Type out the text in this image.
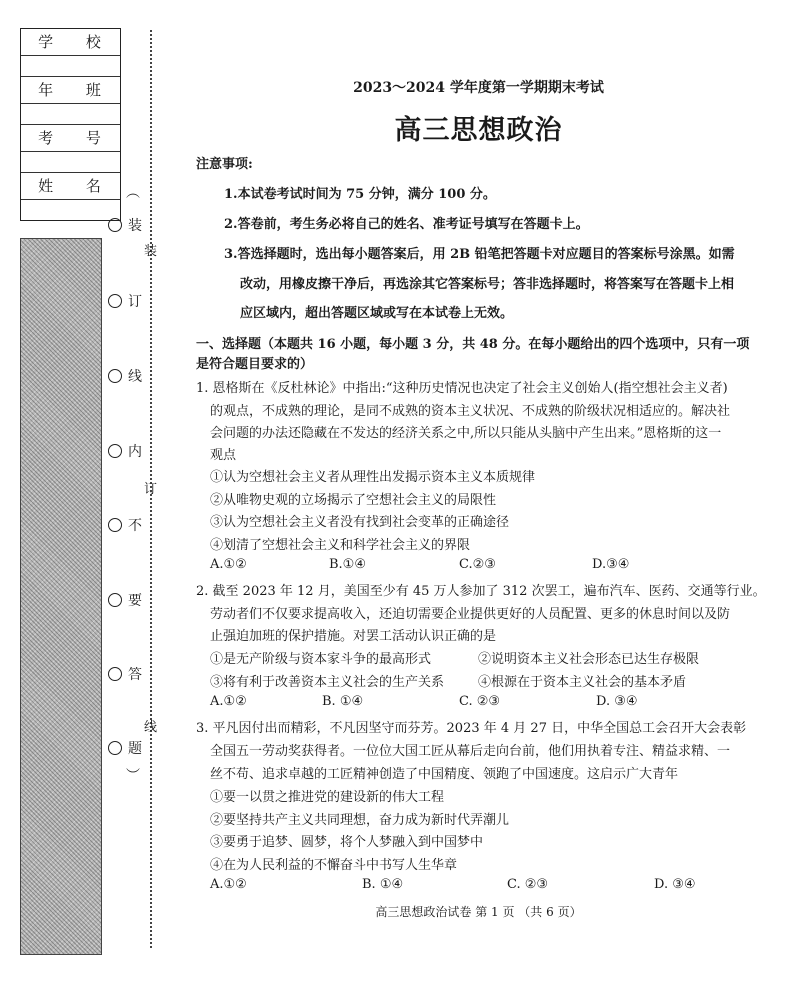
学 校
年 班
考 号
姓 名 ︵
装
订
线
内
不
要
答
题
︶
装
订
线
2023～2024 学年度第一学期期末考试
高三思想政治
注意事项:
1.本试卷考试时间为 75 分钟，满分 100 分。
2.答卷前，考生务必将自己的姓名、准考证号填写在答题卡上。
3.答选择题时，选出每小题答案后，用 2B 铅笔把答题卡对应题目的答案标号涂黑。如需
改动，用橡皮擦干净后，再选涂其它答案标号；答非选择题时，将答案写在答题卡上相
应区域内，超出答题区域或写在本试卷上无效。
一、选择题（本题共 16 小题，每小题 3 分，共 48 分。在每小题给出的四个选项中，只有一项
是符合题目要求的）
1. 恩格斯在《反杜林论》中指出:“这种历史情况也决定了社会主义创始人(指空想社会主义者)
的观点，不成熟的理论，是同不成熟的资本主义状况、不成熟的阶级状况相适应的。解决社
会问题的办法还隐藏在不发达的经济关系之中,所以只能从头脑中产生出来。”恩格斯的这一
观点
①认为空想社会主义者从理性出发揭示资本主义本质规律
②从唯物史观的立场揭示了空想社会主义的局限性
③认为空想社会主义者没有找到社会变革的正确途径
④划清了空想社会主义和科学社会主义的界限
A.①②	B.①④	C.②③	D.③④
2. 截至 2023 年 12 月，美国至少有 45 万人参加了 312 次罢工，遍布汽车、医药、交通等行业。
劳动者们不仅要求提高收入，还迫切需要企业提供更好的人员配置、更多的休息时间以及防
止强迫加班的保护措施。对罢工活动认识正确的是
①是无产阶级与资本家斗争的最高形式	②说明资本主义社会形态已达生存极限
③将有利于改善资本主义社会的生产关系	④根源在于资本主义社会的基本矛盾
A.①②	B. ①④	C. ②③	D. ③④
3. 平凡因付出而精彩，不凡因坚守而芬芳。2023 年 4 月 27 日，中华全国总工会召开大会表彰
全国五一劳动奖获得者。一位位大国工匠从幕后走向台前，他们用执着专注、精益求精、一
丝不苟、追求卓越的工匠精神创造了中国精度、领跑了中国速度。这启示广大青年
①要一以贯之推进党的建设新的伟大工程
②要坚持共产主义共同理想，奋力成为新时代弄潮儿
③要勇于追梦、圆梦，将个人梦融入到中国梦中
④在为人民利益的不懈奋斗中书写人生华章
A.①②	B. ①④	C. ②③	D. ③④
高三思想政治试卷 第 1 页 （共 6 页）
